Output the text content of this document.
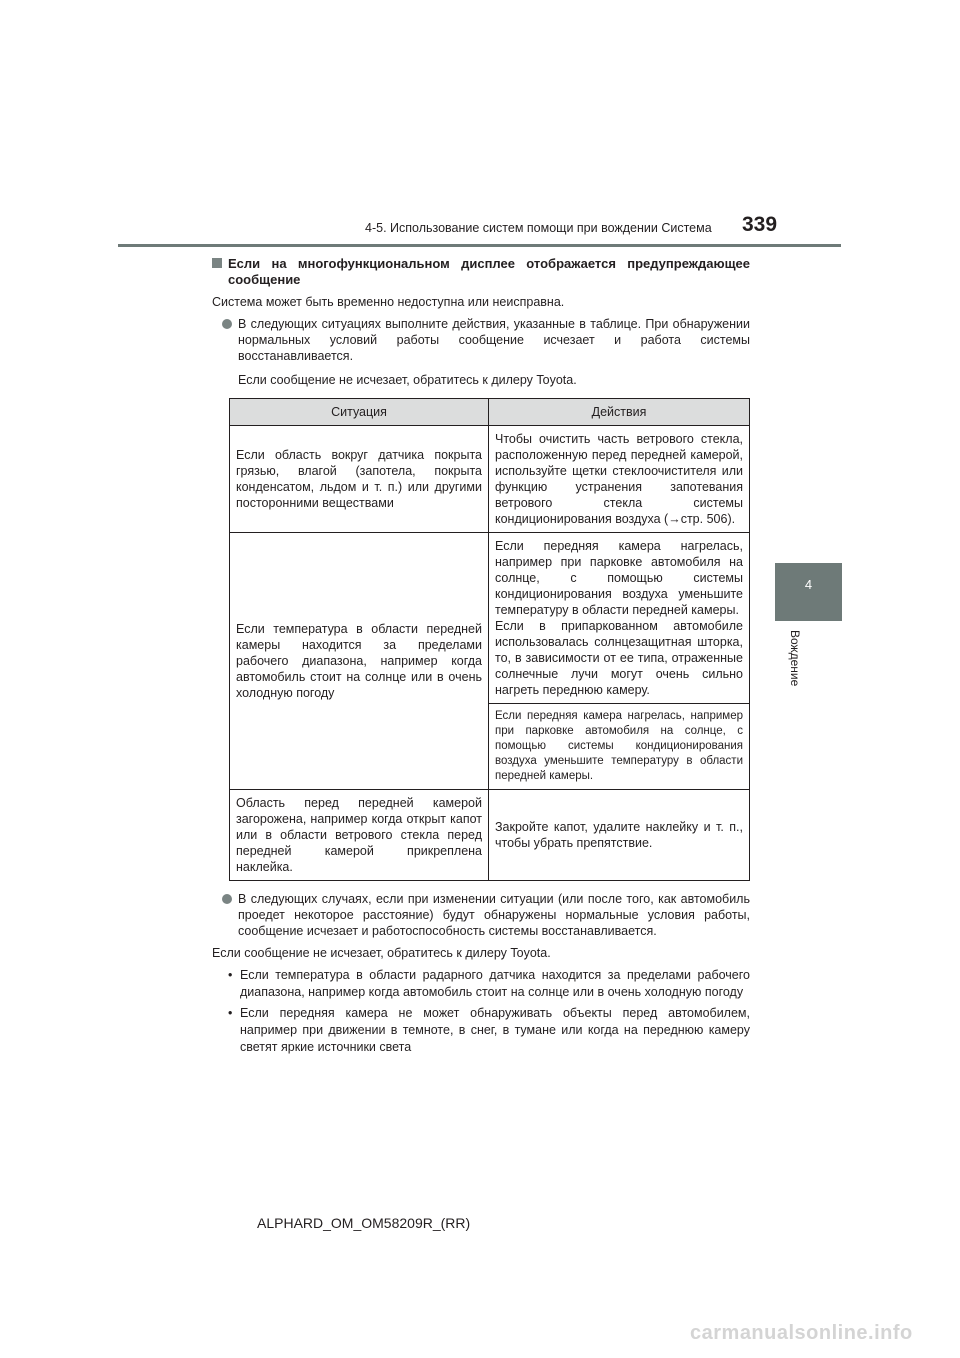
4-5. Использование систем помощи при вождении Система 339
4
Вождение
Если на многофункциональном дисплее отображается предупреждающее сообщение
Система может быть временно недоступна или неисправна.
В следующих ситуациях выполните действия, указанные в таблице. При обнаружении нормальных условий работы сообщение исчезает и работа системы восстанавливается.
Если сообщение не исчезает, обратитесь к дилеру Toyota.
Ситуация	Действия
Если область вокруг датчика покрыта грязью, влагой (запотела, покрыта конденсатом, льдом и т. п.) или другими посторонними веществами	Чтобы очистить часть ветрового стекла, расположенную перед передней камерой, используйте щетки стеклоочистителя или функцию устранения запотевания ветрового стекла системы кондиционирования воздуха (→стр. 506).
Если температура в области передней камеры находится за пределами рабочего диапазона, например когда автомобиль стоит на солнце или в очень холодную погоду	Если передняя камера нагрелась, например при парковке автомобиля на солнце, с помощью системы кондиционирования воздуха уменьшите температуру в области передней камеры.
Если в припаркованном автомобиле использовалась солнцезащитная шторка, то, в зависимости от ее типа, отраженные солнечные лучи могут очень сильно нагреть переднюю камеру.
	Если передняя камера нагрелась, например при парковке автомобиля на солнце, с помощью системы кондиционирования воздуха уменьшите температуру в области передней камеры.
Область перед передней камерой загорожена, например когда открыт капот или в области ветрового стекла перед передней камерой прикреплена наклейка.	Закройте капот, удалите наклейку и т. п., чтобы убрать препятствие.
В следующих случаях, если при изменении ситуации (или после того, как автомобиль проедет некоторое расстояние) будут обнаружены нормальные условия работы, сообщение исчезает и работоспособность системы восстанавливается.
Если сообщение не исчезает, обратитесь к дилеру Toyota.
• Если температура в области радарного датчика находится за пределами рабочего диапазона, например когда автомобиль стоит на солнце или в очень холодную погоду
• Если передняя камера не может обнаруживать объекты перед автомобилем, например при движении в темноте, в снег, в тумане или когда на переднюю камеру светят яркие источники света
ALPHARD_OM_OM58209R_(RR)
carmanualsonline.info
